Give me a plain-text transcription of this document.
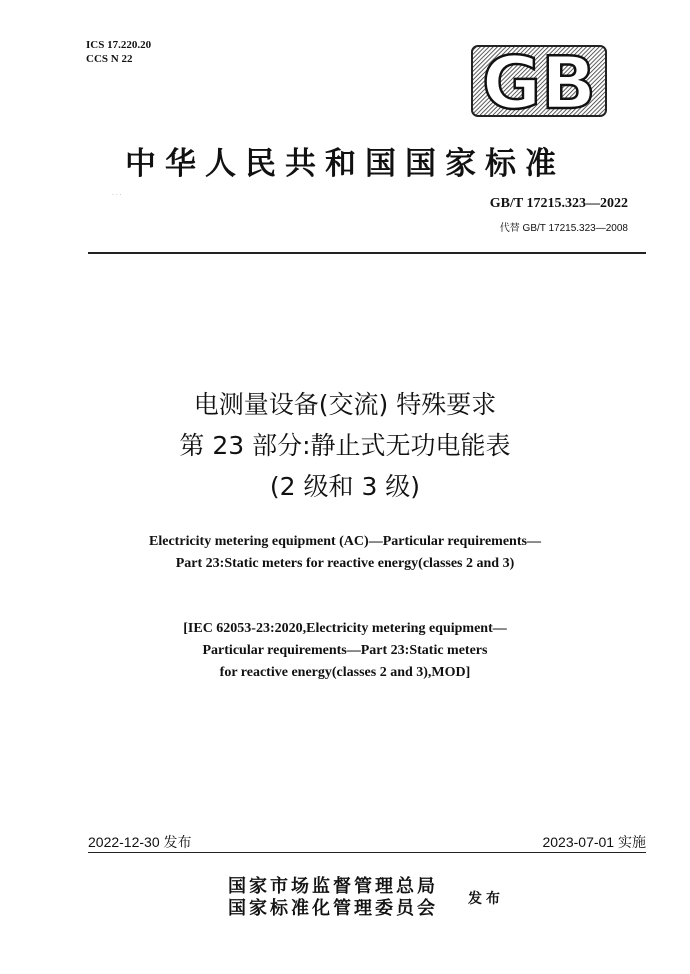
ICS 17.220.20
CCS N 22	GB
中华人民共和国国家标准
· · ·
GB/T 17215.323—2022
代替 GB/T 17215.323—2008
电测量设备(交流) 特殊要求
第 23 部分:静止式无功电能表
(2 级和 3 级)
Electricity metering equipment (AC)—Particular requirements—
Part 23:Static meters for reactive energy(classes 2 and 3)
[IEC 62053-23:2020,Electricity metering equipment—
Particular requirements—Part 23:Static meters
for reactive energy(classes 2 and 3),MOD]
2022-12-30 发布	2023-07-01 实施
国家市场监督管理总局
国家标准化管理委员会 发布
